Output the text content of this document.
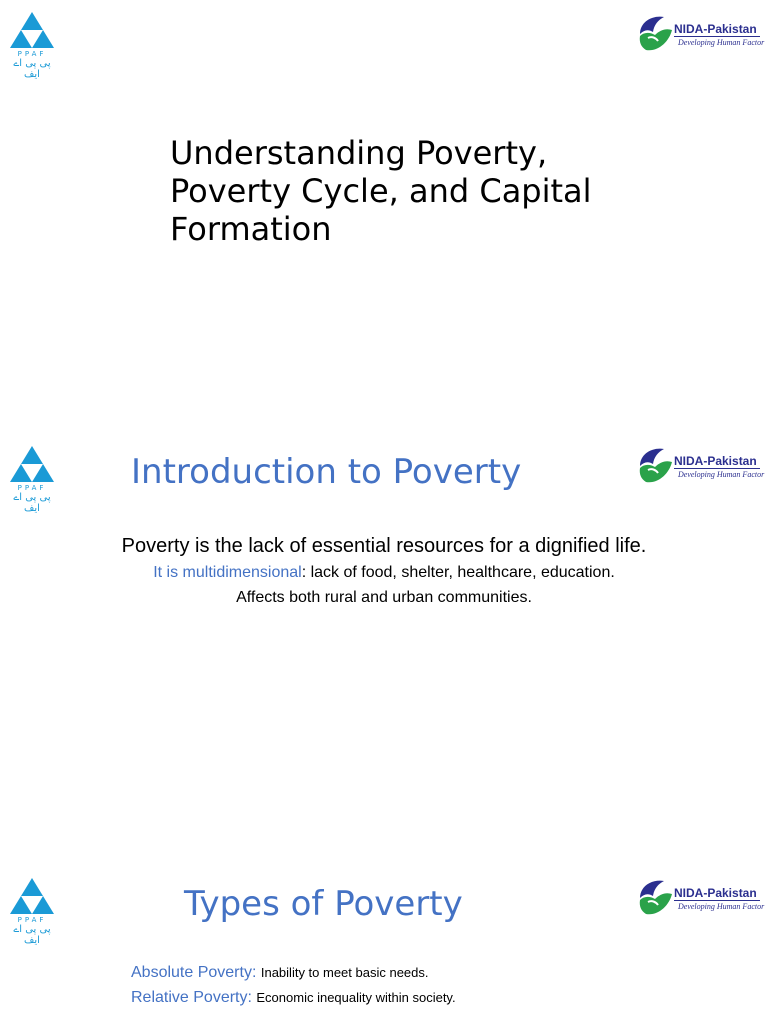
PPAF
پی پی اے ایف
NIDA-Pakistan
Developing Human Factor
Understanding Poverty,
Poverty Cycle, and Capital
Formation
PPAF
پی پی اے ایف
NIDA-Pakistan
Developing Human Factor
Introduction to Poverty
Poverty is the lack of essential resources for a dignified life.
It is multidimensional: lack of food, shelter, healthcare, education.
Affects both rural and urban communities.
PPAF
پی پی اے ایف
NIDA-Pakistan
Developing Human Factor
Types of Poverty
Absolute Poverty: Inability to meet basic needs.
Relative Poverty: Economic inequality within society.
